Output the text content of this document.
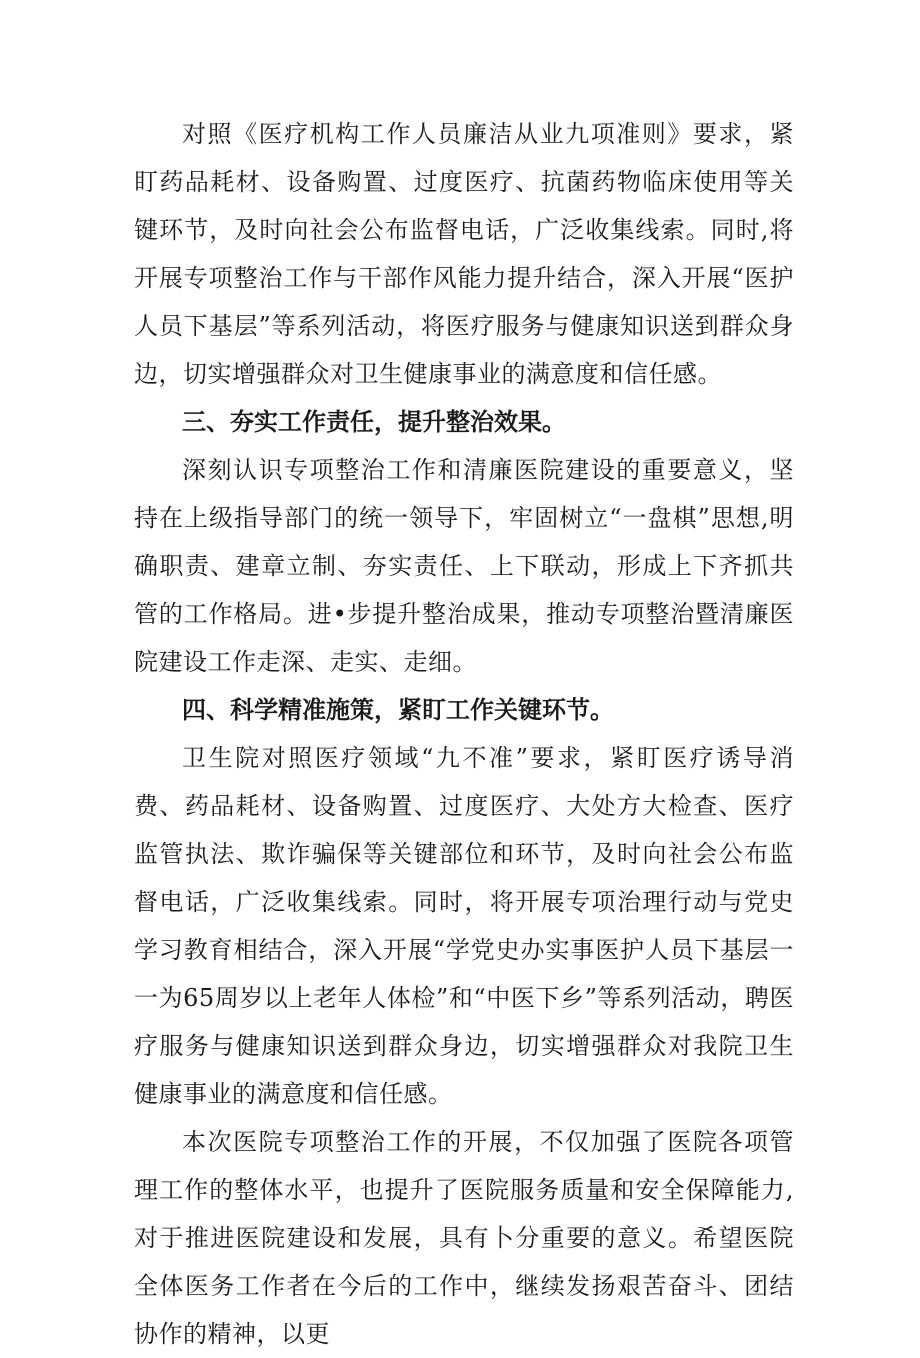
对照《医疗机构工作人员廉洁从业九项准则》要求，紧盯药品耗材、设备购置、过度医疗、抗菌药物临床使用等关键环节，及时向社会公布监督电话，广泛收集线索。同时,将开展专项整治工作与干部作风能力提升结合，深入开展“医护人员下基层”等系列活动，将医疗服务与健康知识送到群众身边，切实增强群众对卫生健康事业的满意度和信任感。

三、夯实工作责任，提升整治效果。

深刻认识专项整治工作和清廉医院建设的重要意义，坚持在上级指导部门的统一领导下，牢固树立“一盘棋”思想,明确职责、建章立制、夯实责任、上下联动，形成上下齐抓共管的工作格局。进•步提升整治成果，推动专项整治暨清廉医院建设工作走深、走实、走细。

四、科学精准施策，紧盯工作关键环节。

卫生院对照医疗领域“九不准”要求，紧盯医疗诱导消费、药品耗材、设备购置、过度医疗、大处方大检查、医疗监管执法、欺诈骗保等关键部位和环节，及时向社会公布监督电话，广泛收集线索。同时，将开展专项治理行动与党史学习教育相结合，深入开展“学党史办实事医护人员下基层一一为65周岁以上老年人体检”和“中医下乡”等系列活动，聘医疗服务与健康知识送到群众身边，切实增强群众对我院卫生健康事业的满意度和信任感。

本次医院专项整治工作的开展，不仅加强了医院各项管理工作的整体水平，也提升了医院服务质量和安全保障能力,对于推进医院建设和发展，具有卜分重要的意义。希望医院全体医务工作者在今后的工作中，继续发扬艰苦奋斗、团结协作的精神，以更
